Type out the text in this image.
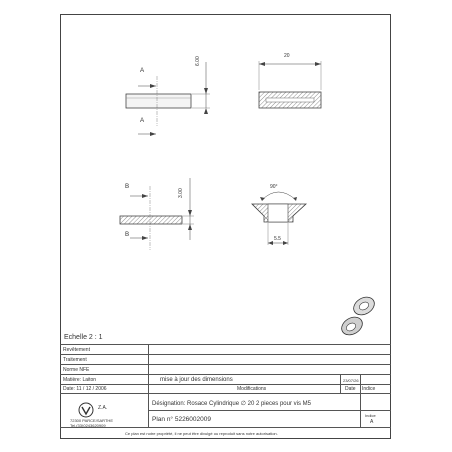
A
A
6.00
20
B
B
3.00
90°
5.5
Echelle 2 : 1
Revêtement
Traitement
Norme NFE
Matière: Laiton	mise à jour des dimensions	23/07/26
Date: 11 / 12 / 2006	Modifications	Date Indice
Z.A.
72300 PARCE/SARTHE
Tel.(33)0243620909
Désignation: Rosace Cylindrique ∅ 20 2 pieces pour vis M5
Plan n° 5226002009
Indice
A
Ce plan est notre propriété, il ne peut être divulgé ou reproduit sans notre autorisation.
